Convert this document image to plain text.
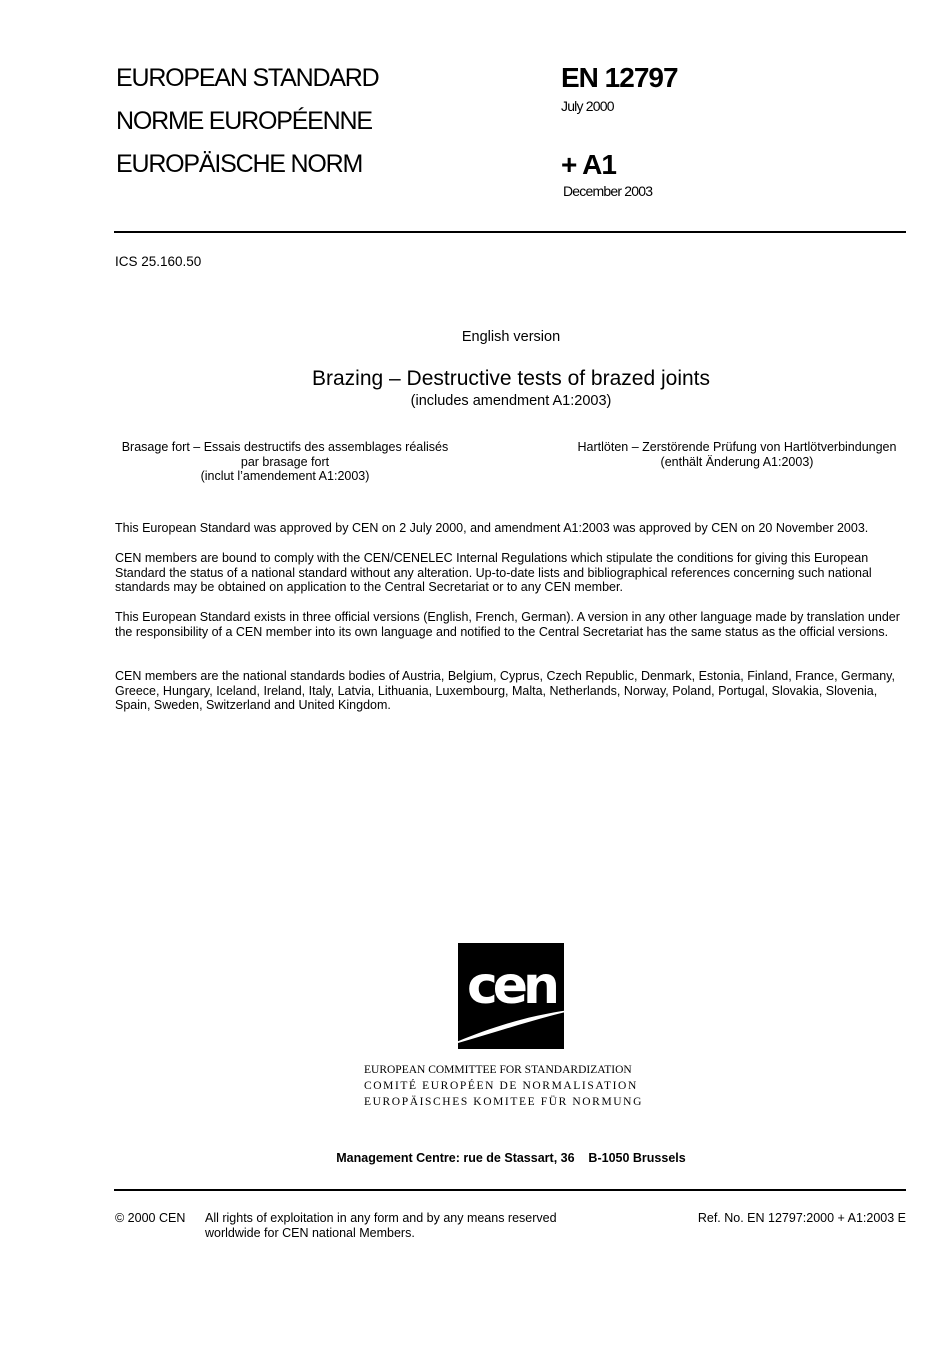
EUROPEAN STANDARD
NORME EUROPÉENNE
EUROPÄISCHE NORM
EN 12797
July 2000
+ A1
December 2003
ICS 25.160.50
English version
Brazing – Destructive tests of brazed joints
(includes amendment A1:2003)
Brasage fort – Essais destructifs des assemblages réalisés
par brasage fort
(inclut l’amendement A1:2003)
Hartlöten – Zerstörende Prüfung von Hartlötverbindungen
(enthält Änderung A1:2003)
This European Standard was approved by CEN on 2 July 2000, and amendment A1:2003 was approved by CEN on 20 November 2003.
CEN members are bound to comply with the CEN/CENELEC Internal Regulations which stipulate the conditions for giving this European Standard the status of a national standard without any alteration. Up-to-date lists and bibliographical references concerning such national standards may be obtained on application to the Central Secretariat or to any CEN member.
This European Standard exists in three official versions (English, French, German). A version in any other language made by translation under the responsibility of a CEN member into its own language and notified to the Central Secretariat has the same status as the official versions.
CEN members are the national standards bodies of Austria, Belgium, Cyprus, Czech Republic, Denmark, Estonia, Finland, France, Germany, Greece, Hungary, Iceland, Ireland, Italy, Latvia, Lithuania, Luxembourg, Malta, Netherlands, Norway, Poland, Portugal, Slovakia, Slovenia, Spain, Sweden, Switzerland and United Kingdom.
cen
EUROPEAN COMMITTEE FOR STANDARDIZATION
COMITÉ EUROPÉEN DE NORMALISATION
EUROPÄISCHES KOMITEE FÜR NORMUNG
Management Centre: rue de Stassart, 36    B-1050 Brussels
© 2000 CEN All rights of exploitation in any form and by any means reserved
worldwide for CEN national Members.
Ref. No. EN 12797:2000 + A1:2003 E
